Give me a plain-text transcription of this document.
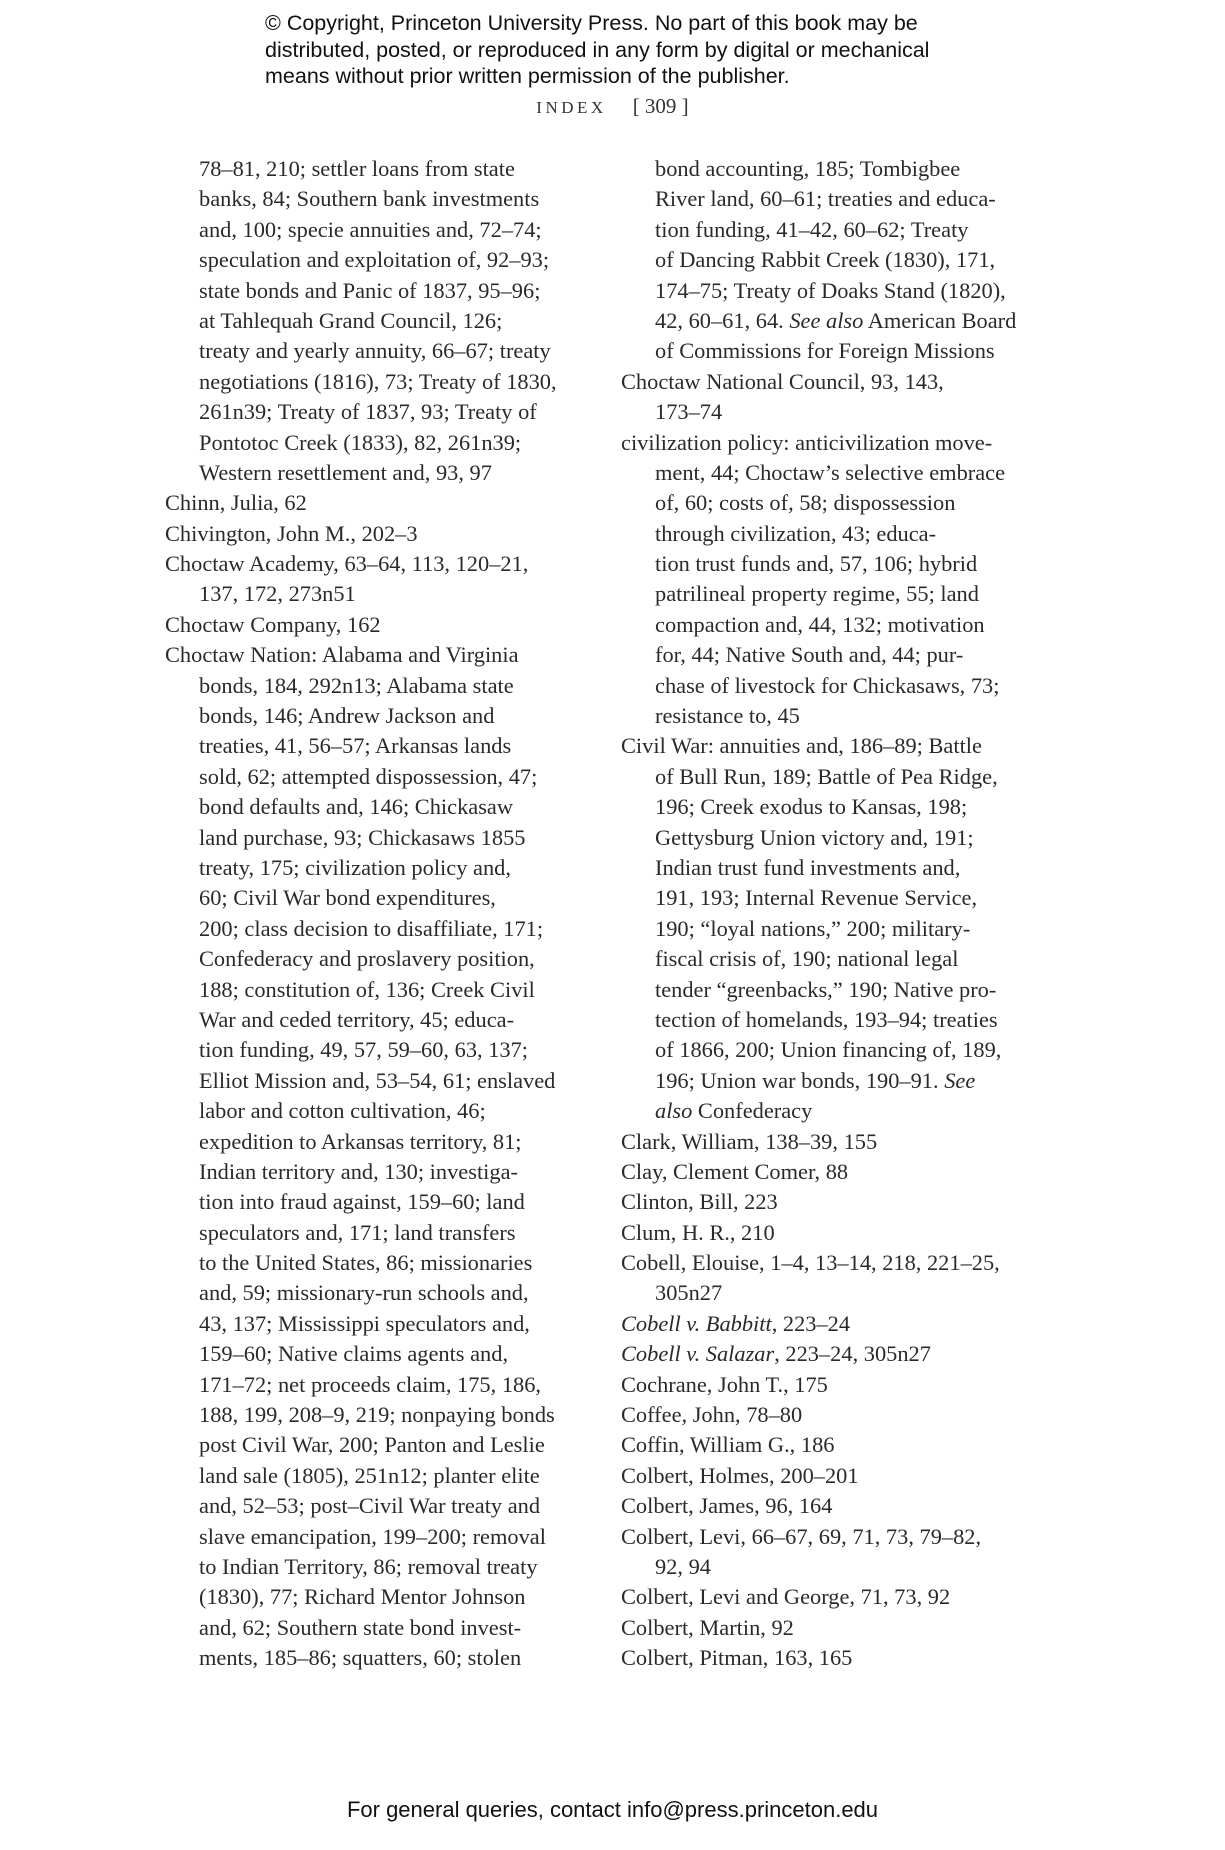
© Copyright, Princeton University Press. No part of this book may be
distributed, posted, or reproduced in any form by digital or mechanical
means without prior written permission of the publisher.
INDEX [ 309 ]
78–81, 210; settler loans from state
banks, 84; Southern bank investments
and, 100; specie annuities and, 72–74;
speculation and exploitation of, 92–93;
state bonds and Panic of 1837, 95–96;
at Tahlequah Grand Council, 126;
treaty and yearly annuity, 66–67; treaty
negotiations (1816), 73; Treaty of 1830,
261n39; Treaty of 1837, 93; Treaty of
Pontotoc Creek (1833), 82, 261n39;
Western resettlement and, 93, 97
Chinn, Julia, 62
Chivington, John M., 202–3
Choctaw Academy, 63–64, 113, 120–21,
137, 172, 273n51
Choctaw Company, 162
Choctaw Nation: Alabama and Virginia
bonds, 184, 292n13; Alabama state
bonds, 146; Andrew Jackson and
treaties, 41, 56–57; Arkansas lands
sold, 62; attempted dispossession, 47;
bond defaults and, 146; Chickasaw
land purchase, 93; Chickasaws 1855
treaty, 175; civilization policy and,
60; Civil War bond expenditures,
200; class decision to disaffiliate, 171;
Confederacy and proslavery position,
188; constitution of, 136; Creek Civil
War and ceded territory, 45; educa-
tion funding, 49, 57, 59–60, 63, 137;
Elliot Mission and, 53–54, 61; enslaved
labor and cotton cultivation, 46;
expedition to Arkansas territory, 81;
Indian territory and, 130; investiga-
tion into fraud against, 159–60; land
speculators and, 171; land transfers
to the United States, 86; missionaries
and, 59; missionary-run schools and,
43, 137; Mississippi speculators and,
159–60; Native claims agents and,
171–72; net proceeds claim, 175, 186,
188, 199, 208–9, 219; nonpaying bonds
post Civil War, 200; Panton and Leslie
land sale (1805), 251n12; planter elite
and, 52–53; post–Civil War treaty and
slave emancipation, 199–200; removal
to Indian Territory, 86; removal treaty
(1830), 77; Richard Mentor Johnson
and, 62; Southern state bond invest-
ments, 185–86; squatters, 60; stolen
bond accounting, 185; Tombigbee
River land, 60–61; treaties and educa-
tion funding, 41–42, 60–62; Treaty
of Dancing Rabbit Creek (1830), 171,
174–75; Treaty of Doaks Stand (1820),
42, 60–61, 64. See also American Board
of Commissions for Foreign Missions
Choctaw National Council, 93, 143,
173–74
civilization policy: anticivilization move-
ment, 44; Choctaw’s selective embrace
of, 60; costs of, 58; dispossession
through civilization, 43; educa-
tion trust funds and, 57, 106; hybrid
patrilineal property regime, 55; land
compaction and, 44, 132; motivation
for, 44; Native South and, 44; pur-
chase of livestock for Chickasaws, 73;
resistance to, 45
Civil War: annuities and, 186–89; Battle
of Bull Run, 189; Battle of Pea Ridge,
196; Creek exodus to Kansas, 198;
Gettysburg Union victory and, 191;
Indian trust fund investments and,
191, 193; Internal Revenue Service,
190; “loyal nations,” 200; military-
fiscal crisis of, 190; national legal
tender “greenbacks,” 190; Native pro-
tection of homelands, 193–94; treaties
of 1866, 200; Union financing of, 189,
196; Union war bonds, 190–91. See
also Confederacy
Clark, William, 138–39, 155
Clay, Clement Comer, 88
Clinton, Bill, 223
Clum, H. R., 210
Cobell, Elouise, 1–4, 13–14, 218, 221–25,
305n27
Cobell v. Babbitt, 223–24
Cobell v. Salazar, 223–24, 305n27
Cochrane, John T., 175
Coffee, John, 78–80
Coffin, William G., 186
Colbert, Holmes, 200–201
Colbert, James, 96, 164
Colbert, Levi, 66–67, 69, 71, 73, 79–82,
92, 94
Colbert, Levi and George, 71, 73, 92
Colbert, Martin, 92
Colbert, Pitman, 163, 165
For general queries, contact info@press.princeton.edu
